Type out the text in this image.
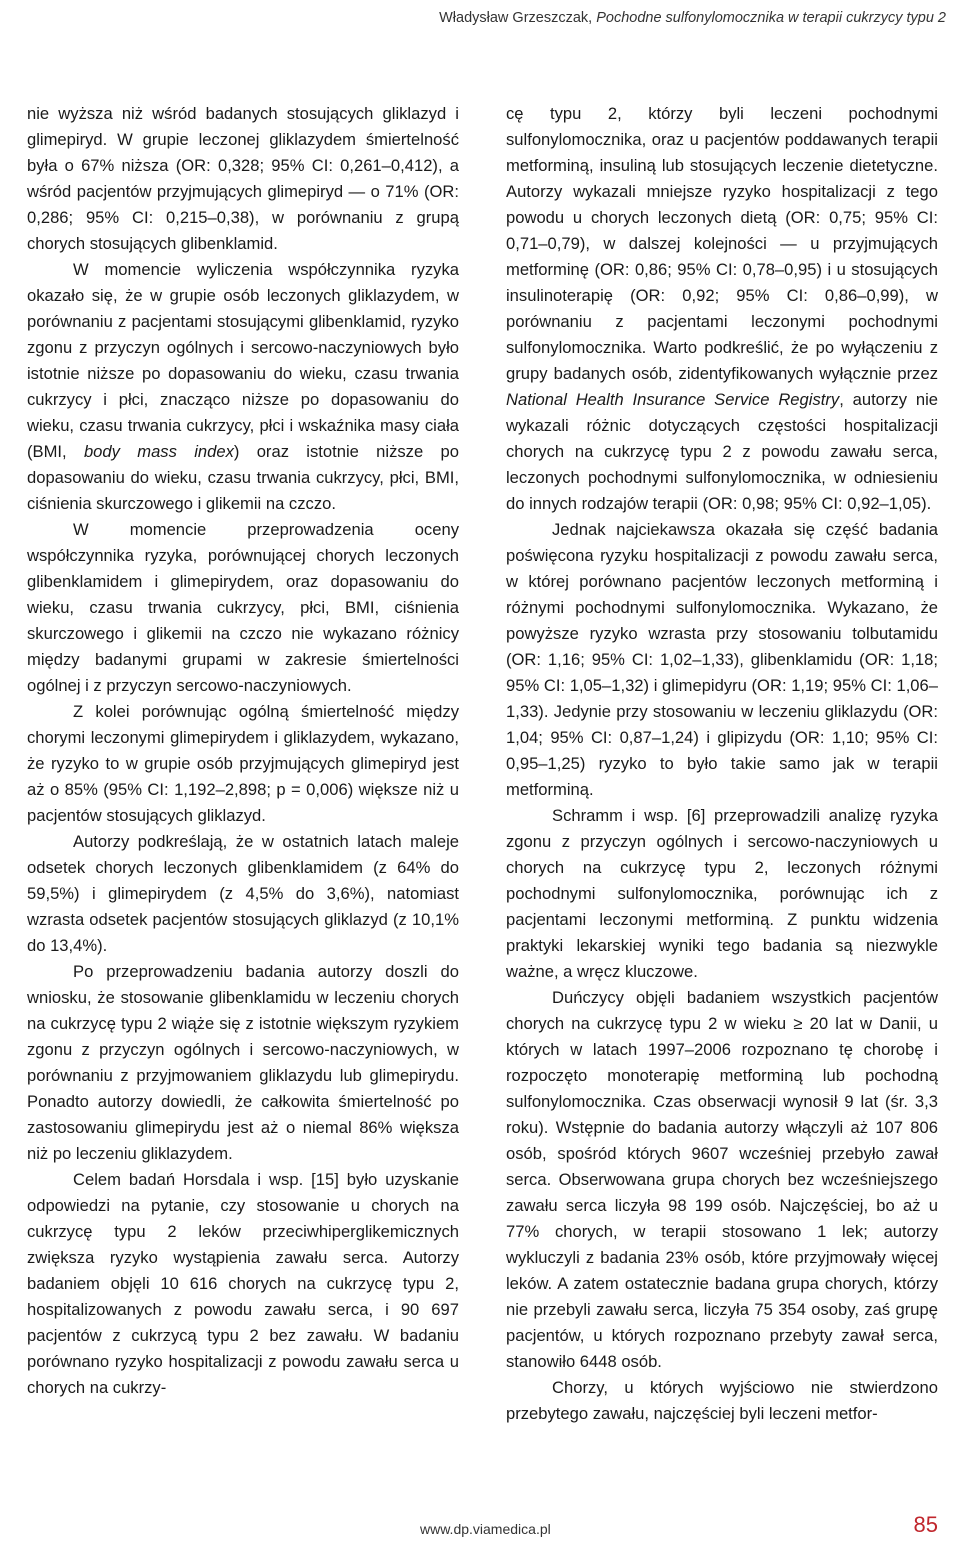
Władysław Grzeszczak, Pochodne sulfonylomocznika w terapii cukrzycy typu 2

nie wyższa niż wśród badanych stosujących gliklazyd i glimepiryd. W grupie leczonej gliklazydem śmiertelność była o 67% niższa (OR: 0,328; 95% CI: 0,261–0,412), a wśród pacjentów przyjmujących glimepiryd — o 71% (OR: 0,286; 95% CI: 0,215–0,38), w porównaniu z grupą chorych stosujących glibenklamid.

W momencie wyliczenia współczynnika ryzyka okazało się, że w grupie osób leczonych gliklazydem, w porównaniu z pacjentami stosującymi glibenklamid, ryzyko zgonu z przyczyn ogólnych i sercowo-naczyniowych było istotnie niższe po dopasowaniu do wieku, czasu trwania cukrzycy i płci, znacząco niższe po dopasowaniu do wieku, czasu trwania cukrzycy, płci i wskaźnika masy ciała (BMI, body mass index) oraz istotnie niższe po dopasowaniu do wieku, czasu trwania cukrzycy, płci, BMI, ciśnienia skurczowego i glikemii na czczo.

W momencie przeprowadzenia oceny współczynnika ryzyka, porównującej chorych leczonych glibenklamidem i glimepirydem, oraz dopasowaniu do wieku, czasu trwania cukrzycy, płci, BMI, ciśnienia skurczowego i glikemii na czczo nie wykazano różnicy między badanymi grupami w zakresie śmiertelności ogólnej i z przyczyn sercowo-naczyniowych.

Z kolei porównując ogólną śmiertelność między chorymi leczonymi glimepirydem i gliklazydem, wykazano, że ryzyko to w grupie osób przyjmujących glimepiryd jest aż o 85% (95% CI: 1,192–2,898; p = 0,006) większe niż u pacjentów stosujących gliklazyd.

Autorzy podkreślają, że w ostatnich latach maleje odsetek chorych leczonych glibenklamidem (z 64% do 59,5%) i glimepirydem (z 4,5% do 3,6%), natomiast wzrasta odsetek pacjentów stosujących gliklazyd (z 10,1% do 13,4%).

Po przeprowadzeniu badania autorzy doszli do wniosku, że stosowanie glibenklamidu w leczeniu chorych na cukrzycę typu 2 wiąże się z istotnie większym ryzykiem zgonu z przyczyn ogólnych i sercowo-naczyniowych, w porównaniu z przyjmowaniem gliklazydu lub glimepirydu. Ponadto autorzy dowiedli, że całkowita śmiertelność po zastosowaniu glimepirydu jest aż o niemal 86% większa niż po leczeniu gliklazydem.

Celem badań Horsdala i wsp. [15] było uzyskanie odpowiedzi na pytanie, czy stosowanie u chorych na cukrzycę typu 2 leków przeciwhiperglikemicznych zwiększa ryzyko wystąpienia zawału serca. Autorzy badaniem objęli 10 616 chorych na cukrzycę typu 2, hospitalizowanych z powodu zawału serca, i 90 697 pacjentów z cukrzycą typu 2 bez zawału. W badaniu porównano ryzyko hospitalizacji z powodu zawału serca u chorych na cukrzy-

cę typu 2, którzy byli leczeni pochodnymi sulfonylomocznika, oraz u pacjentów poddawanych terapii metforminą, insuliną lub stosujących leczenie dietetyczne. Autorzy wykazali mniejsze ryzyko hospitalizacji z tego powodu u chorych leczonych dietą (OR: 0,75; 95% CI: 0,71–0,79), w dalszej kolejności — u przyjmujących metforminę (OR: 0,86; 95% CI: 0,78–0,95) i u stosujących insulinoterapię (OR: 0,92; 95% CI: 0,86–0,99), w porównaniu z pacjentami leczonymi pochodnymi sulfonylomocznika. Warto podkreślić, że po wyłączeniu z grupy badanych osób, zidentyfikowanych wyłącznie przez National Health Insurance Service Registry, autorzy nie wykazali różnic dotyczących częstości hospitalizacji chorych na cukrzycę typu 2 z powodu zawału serca, leczonych pochodnymi sulfonylomocznika, w odniesieniu do innych rodzajów terapii (OR: 0,98; 95% CI: 0,92–1,05).

Jednak najciekawsza okazała się część badania poświęcona ryzyku hospitalizacji z powodu zawału serca, w której porównano pacjentów leczonych metforminą i różnymi pochodnymi sulfonylomocznika. Wykazano, że powyższe ryzyko wzrasta przy stosowaniu tolbutamidu (OR: 1,16; 95% CI: 1,02–1,33), glibenklamidu (OR: 1,18; 95% CI: 1,05–1,32) i glimepidyru (OR: 1,19; 95% CI: 1,06–1,33). Jedynie przy stosowaniu w leczeniu gliklazydu (OR: 1,04; 95% CI: 0,87–1,24) i glipizydu (OR: 1,10; 95% CI: 0,95–1,25) ryzyko to było takie samo jak w terapii metforminą.

Schramm i wsp. [6] przeprowadzili analizę ryzyka zgonu z przyczyn ogólnych i sercowo-naczyniowych u chorych na cukrzycę typu 2, leczonych różnymi pochodnymi sulfonylomocznika, porównując ich z pacjentami leczonymi metforminą. Z punktu widzenia praktyki lekarskiej wyniki tego badania są niezwykle ważne, a wręcz kluczowe.

Duńczycy objęli badaniem wszystkich pacjentów chorych na cukrzycę typu 2 w wieku ≥ 20 lat w Danii, u których w latach 1997–2006 rozpoznano tę chorobę i rozpoczęto monoterapię metforminą lub pochodną sulfonylomocznika. Czas obserwacji wynosił 9 lat (śr. 3,3 roku). Wstępnie do badania autorzy włączyli aż 107 806 osób, spośród których 9607 wcześniej przebyło zawał serca. Obserwowana grupa chorych bez wcześniejszego zawału serca liczyła 98 199 osób. Najczęściej, bo aż u 77% chorych, w terapii stosowano 1 lek; autorzy wykluczyli z badania 23% osób, które przyjmowały więcej leków. A zatem ostatecznie badana grupa chorych, którzy nie przebyli zawału serca, liczyła 75 354 osoby, zaś grupę pacjentów, u których rozpoznano przebyty zawał serca, stanowiło 6448 osób.

Chorzy, u których wyjściowo nie stwierdzono przebytego zawału, najczęściej byli leczeni metfor-

www.dp.viamedica.pl	85
